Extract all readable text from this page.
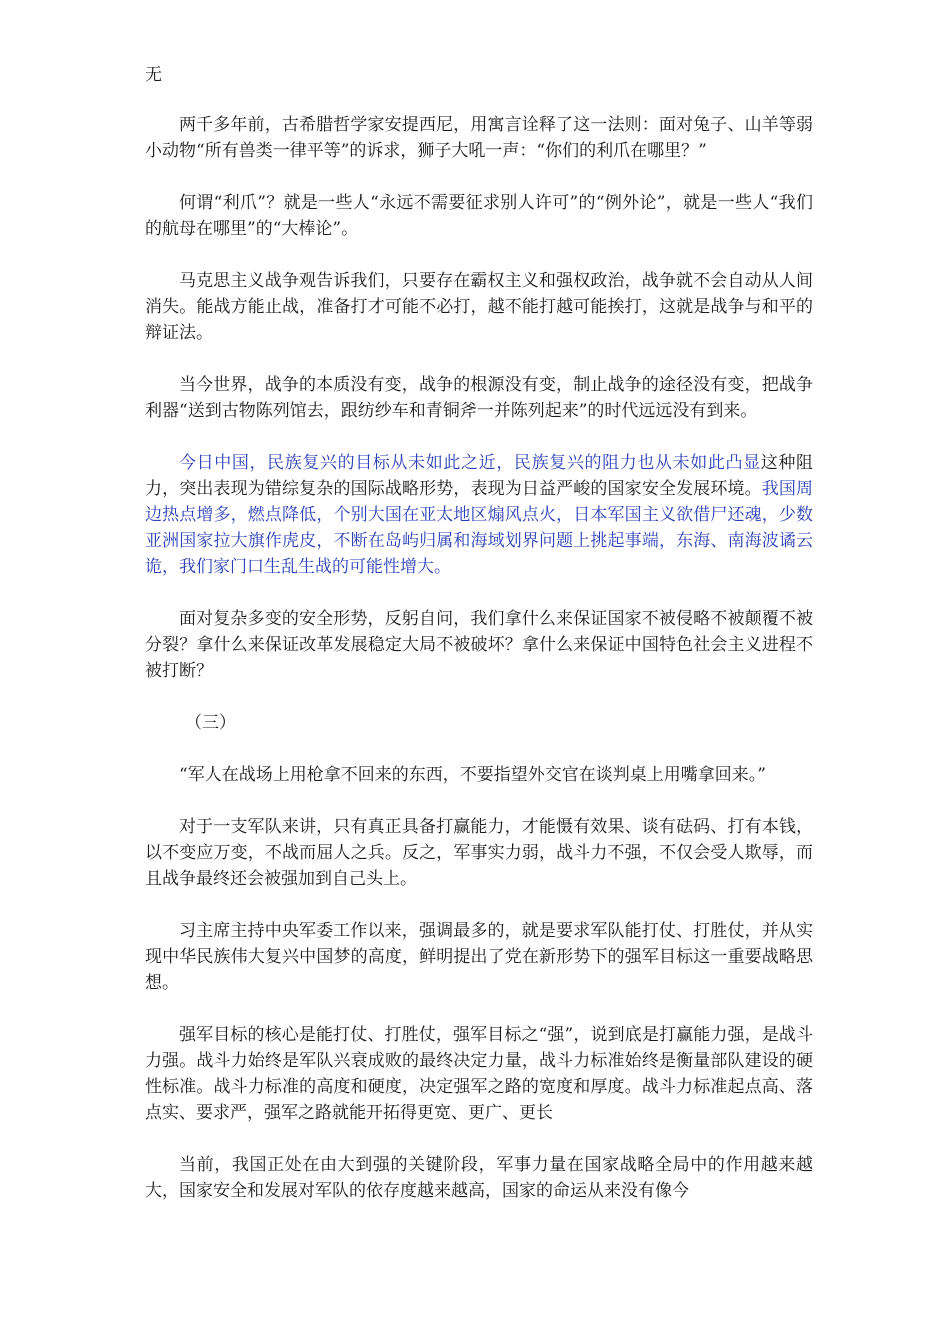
无

两千多年前，古希腊哲学家安提西尼，用寓言诠释了这一法则：面对兔子、山羊等弱小动物“所有兽类一律平等”的诉求，狮子大吼一声：“你们的利爪在哪里？”

何谓“利爪”？就是一些人“永远不需要征求别人许可”的“例外论”，就是一些人“我们的航母在哪里”的“大棒论”。

马克思主义战争观告诉我们，只要存在霸权主义和强权政治，战争就不会自动从人间消失。能战方能止战，准备打才可能不必打，越不能打越可能挨打，这就是战争与和平的辩证法。

当今世界，战争的本质没有变，战争的根源没有变，制止战争的途径没有变，把战争利器“送到古物陈列馆去，跟纺纱车和青铜斧一并陈列起来”的时代远远没有到来。

今日中国，民族复兴的目标从未如此之近，民族复兴的阻力也从未如此凸显这种阻力，突出表现为错综复杂的国际战略形势，表现为日益严峻的国家安全发展环境。我国周边热点增多，燃点降低，个别大国在亚太地区煽风点火，日本军国主义欲借尸还魂，少数亚洲国家拉大旗作虎皮，不断在岛屿归属和海域划界问题上挑起事端，东海、南海波谲云诡，我们家门口生乱生战的可能性增大。

面对复杂多变的安全形势，反躬自问，我们拿什么来保证国家不被侵略不被颠覆不被分裂？拿什么来保证改革发展稳定大局不被破坏？拿什么来保证中国特色社会主义进程不被打断？

（三）

“军人在战场上用枪拿不回来的东西，不要指望外交官在谈判桌上用嘴拿回来。”

对于一支军队来讲，只有真正具备打赢能力，才能慑有效果、谈有砝码、打有本钱，以不变应万变，不战而屈人之兵。反之，军事实力弱，战斗力不强，不仅会受人欺辱，而且战争最终还会被强加到自己头上。

习主席主持中央军委工作以来，强调最多的，就是要求军队能打仗、打胜仗，并从实现中华民族伟大复兴中国梦的高度，鲜明提出了党在新形势下的强军目标这一重要战略思想。

强军目标的核心是能打仗、打胜仗，强军目标之“强”，说到底是打赢能力强，是战斗力强。战斗力始终是军队兴衰成败的最终决定力量，战斗力标准始终是衡量部队建设的硬性标准。战斗力标准的高度和硬度，决定强军之路的宽度和厚度。战斗力标准起点高、落点实、要求严，强军之路就能开拓得更宽、更广、更长

当前，我国正处在由大到强的关键阶段，军事力量在国家战略全局中的作用越来越大，国家安全和发展对军队的依存度越来越高，国家的命运从来没有像今
